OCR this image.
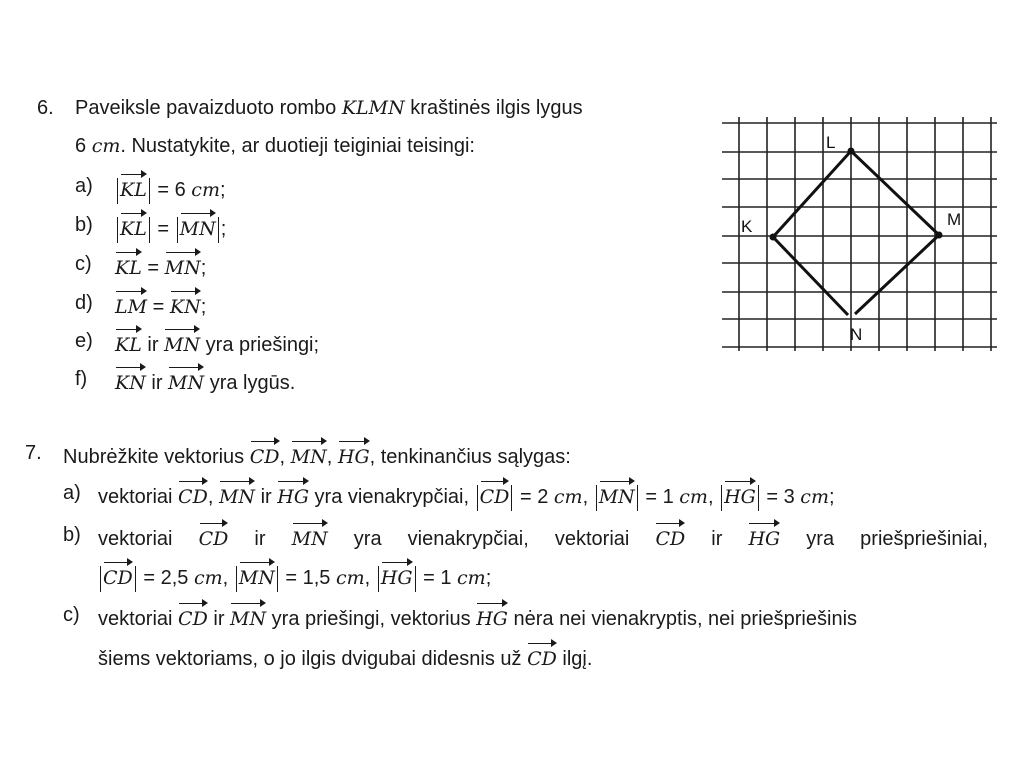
6. Paveiksle pavaizduoto rombo KLMN kraštinės ilgis lygus
6 cm. Nustatykite, ar duotieji teiginiai teisingi:
a) KL = 6 cm;
b) KL = MN ;
c) KL = MN;
d) LM = KN;
e) KL ir MN yra priešingi;
f) KN ir MN yra lygūs.
K
L
M
N
7. Nubrėžkite vektorius CD, MN, HG, tenkinančius sąlygas:
a) vektoriai CD, MN ir HG yra vienakrypčiai, CD = 2 cm, MN = 1 cm, HG = 3 cm;
b) vektoriai CD ir MN yra vienakrypčiai, vektoriai CD ir HG yra priešpriešiniai,
CD = 2,5 cm, MN = 1,5 cm, HG = 1 cm;
c) vektoriai CD ir MN yra priešingi, vektorius HG nėra nei vienakryptis, nei priešpriešinis
šiems vektoriams, o jo ilgis dvigubai didesnis už CD ilgį.
